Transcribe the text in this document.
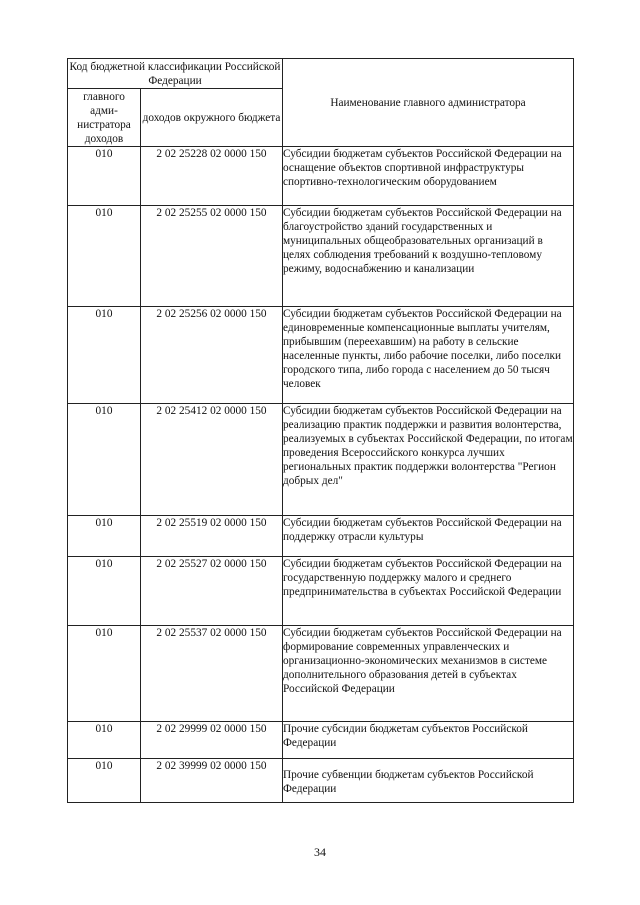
Код бюджетной классификации Российской Федерации		Наименование главного администратора
главного адми- нистратора доходов	доходов окружного бюджета	
010	2 02 25228 02 0000 150	Субсидии бюджетам субъектов Российской Федерации на оснащение объектов спортивной инфраструктуры спортивно-технологическим оборудованием
010	2 02 25255 02 0000 150	Субсидии бюджетам субъектов Российской Федерации на благоустройство зданий государственных и муниципальных общеобразовательных организаций в целях соблюдения требований к воздушно-тепловому режиму, водоснабжению и канализации
010	2 02 25256 02 0000 150	Субсидии бюджетам субъектов Российской Федерации на единовременные компенсационные выплаты учителям, прибывшим (переехавшим) на работу в сельские населенные пункты, либо рабочие поселки, либо поселки городского типа, либо города с населением до 50 тысяч человек
010	2 02 25412 02 0000 150	Субсидии бюджетам субъектов Российской Федерации на реализацию практик поддержки и развития волонтерства, реализуемых в субъектах Российской Федерации, по итогам проведения Всероссийского конкурса лучших региональных практик поддержки волонтерства "Регион добрых дел"
010	2 02 25519 02 0000 150	Субсидии бюджетам субъектов Российской Федерации на поддержку отрасли культуры
010	2 02 25527 02 0000 150	Субсидии бюджетам субъектов Российской Федерации на государственную поддержку малого и среднего предпринимательства в субъектах Российской Федерации
010	2 02 25537 02 0000 150	Субсидии бюджетам субъектов Российской Федерации на формирование современных управленческих и организационно-экономических механизмов в системе дополнительного образования детей в субъектах Российской Федерации
010	2 02 29999 02 0000 150	Прочие субсидии бюджетам субъектов Российской Федерации
010	2 02 39999 02 0000 150	Прочие субвенции бюджетам субъектов Российской Федерации
34
